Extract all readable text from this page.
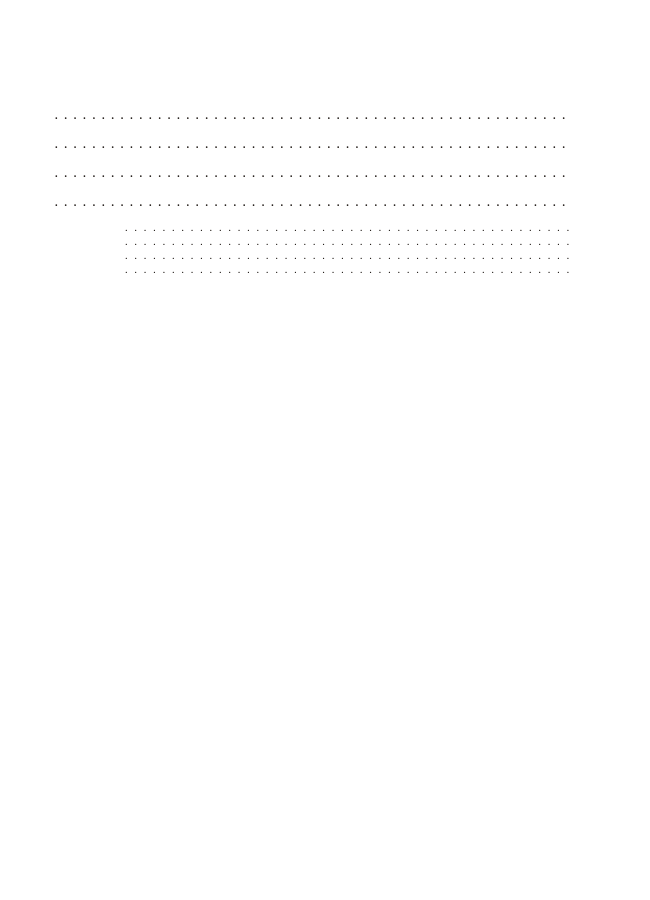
. . .
. . .
. . .
. . .
. . .
. . .
. . .
. . .
